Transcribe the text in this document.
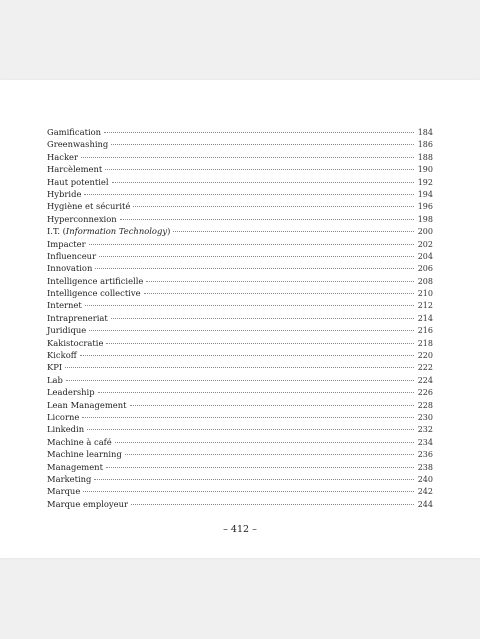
Gamification	184
Greenwashing	186
Hacker	188
Harcèlement	190
Haut potentiel	192
Hybride	194
Hygiène et sécurité	196
Hyperconnexion	198
I.T. (Information Technology)	200
Impacter	202
Influenceur	204
Innovation	206
Intelligence artificielle	208
Intelligence collective	210
Internet	212
Intrapreneriat	214
Juridique	216
Kakistocratie	218
Kickoff	220
KPI	222
Lab	224
Leadership	226
Lean Management	228
Licorne	230
Linkedin	232
Machine à café	234
Machine learning	236
Management	238
Marketing	240
Marque	242
Marque employeur	244
– 412 –
